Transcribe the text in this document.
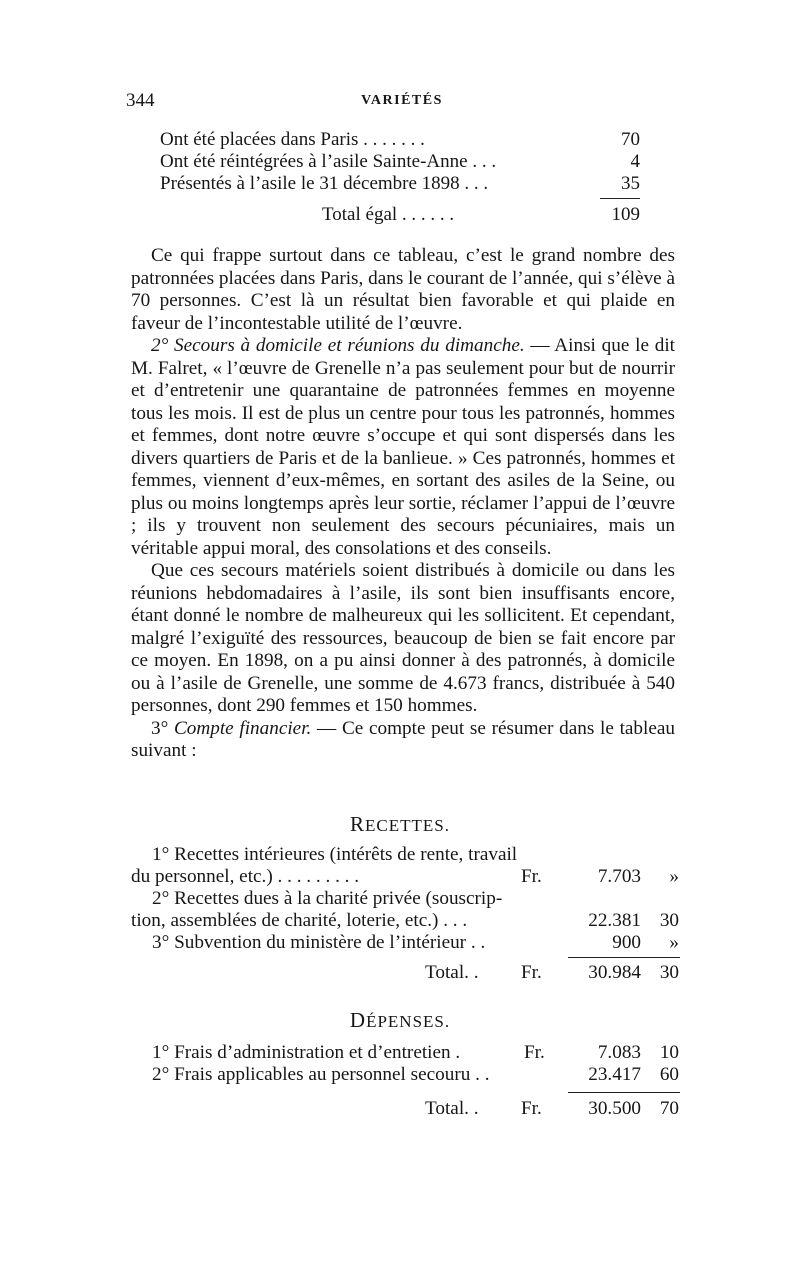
344	VARIÉTÉS
Ont été placées dans Paris . . . . . . .	70
Ont été réintégrées à l’asile Sainte-Anne . . .	4
Présentés à l’asile le 31 décembre 1898 . . .	35
Total égal . . . . . .	109

Ce qui frappe surtout dans ce tableau, c’est le grand nombre des patronnées placées dans Paris, dans le courant de l’année, qui s’élève à 70 personnes. C’est là un résultat bien favorable et qui plaide en faveur de l’incontestable utilité de l’œuvre.

2° Secours à domicile et réunions du dimanche. — Ainsi que le dit M. Falret, « l’œuvre de Grenelle n’a pas seulement pour but de nourrir et d’entretenir une quarantaine de patronnées femmes en moyenne tous les mois. Il est de plus un centre pour tous les patronnés, hommes et femmes, dont notre œuvre s’occupe et qui sont dispersés dans les divers quartiers de Paris et de la banlieue. » Ces patronnés, hommes et femmes, viennent d’eux-mêmes, en sortant des asiles de la Seine, ou plus ou moins longtemps après leur sortie, réclamer l’appui de l’œuvre ; ils y trouvent non seulement des secours pécuniaires, mais un véritable appui moral, des consolations et des conseils.

Que ces secours matériels soient distribués à domicile ou dans les réunions hebdomadaires à l’asile, ils sont bien insuffisants encore, étant donné le nombre de malheureux qui les sollicitent. Et cependant, malgré l’exiguïté des ressources, beaucoup de bien se fait encore par ce moyen. En 1898, on a pu ainsi donner à des patronnés, à domicile ou à l’asile de Grenelle, une somme de 4.673 francs, distribuée à 540 personnes, dont 290 femmes et 150 hommes.

3° Compte financier. — Ce compte peut se résumer dans le tableau suivant :

RECETTES.
1° Recettes intérieures (intérêts de rente, travail
du personnel, etc.) . . . . . . . . .	Fr.	7.703 »
2° Recettes dues à la charité privée (souscrip-
tion, assemblées de charité, loterie, etc.) . . .	22.381 30
3° Subvention du ministère de l’intérieur . .	900 »
Total. . Fr. 30.984 30
DÉPENSES.
1° Frais d’administration et d’entretien .	Fr.	7.083 10
2° Frais applicables au personnel secouru . .	23.417 60
Total. . Fr. 30.500 70
